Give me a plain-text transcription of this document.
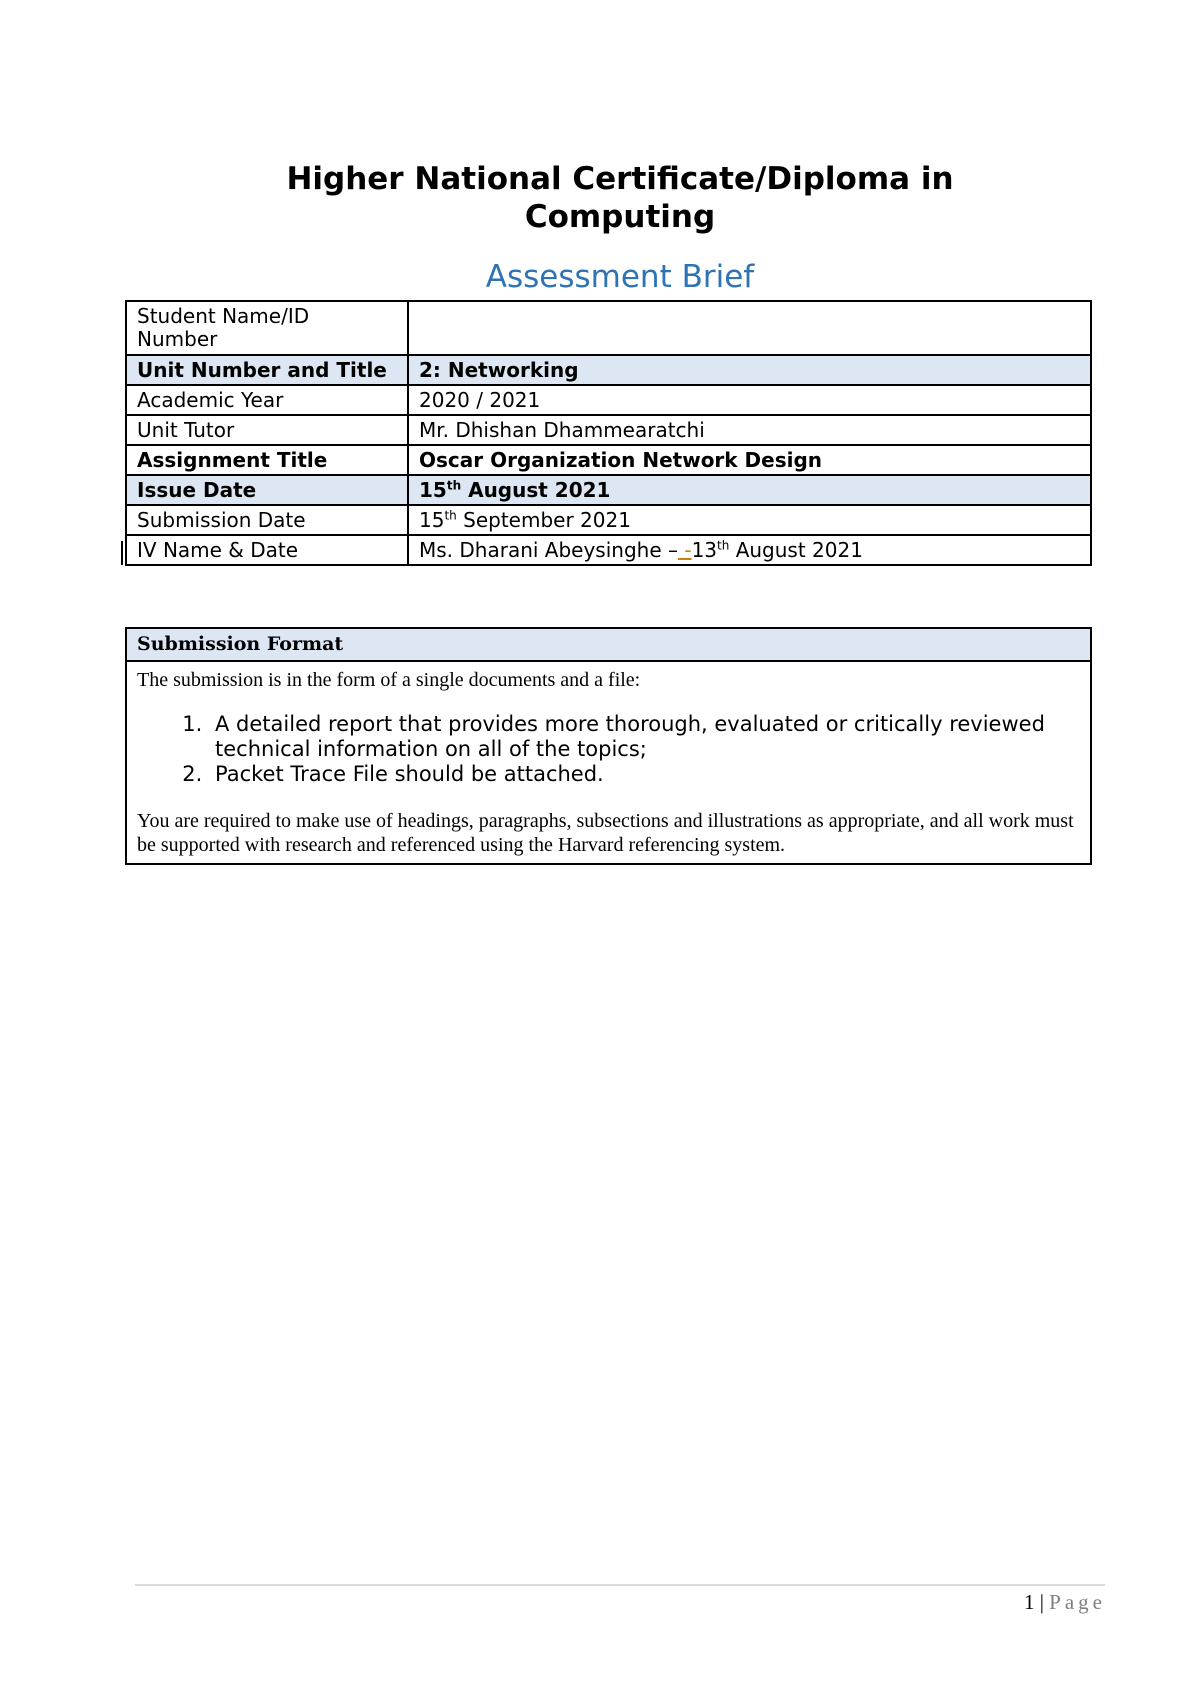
Higher National Certificate/Diploma in
Computing
Assessment Brief
Student Name/ID
Number	

Unit Number and Title	2: Networking
Academic Year	2020 / 2021
Unit Tutor	Mr. Dhishan Dhammearatchi
Assignment Title	Oscar Organization Network Design
Issue Date	15th August 2021
Submission Date	15th September 2021
IV Name & Date	Ms. Dharani Abeysinghe – -13th August 2021
Submission Format

The submission is in the form of a single documents and a file:

1. A detailed report that provides more thorough, evaluated or critically reviewed technical information on all of the topics;
2. Packet Trace File should be attached.

You are required to make use of headings, paragraphs, subsections and illustrations as appropriate, and all work must be supported with research and referenced using the Harvard referencing system.

1 | Page
